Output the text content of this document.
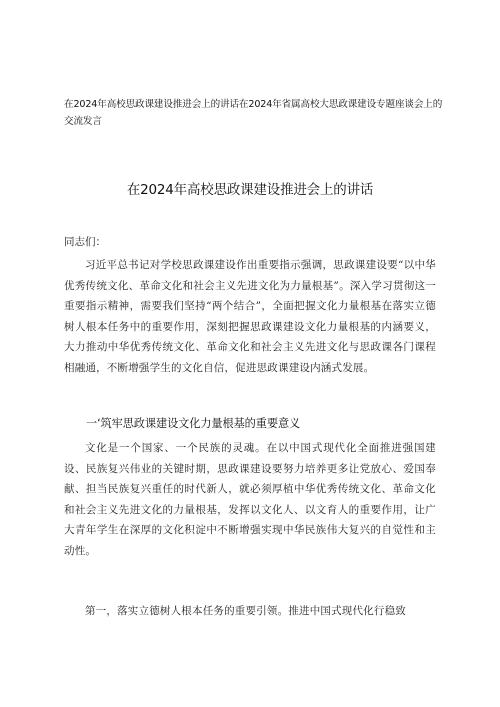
在2024年高校思政课建设推进会上的讲话在2024年省属高校大思政课建设专题座谈会上的交流发言
在2024年高校思政课建设推进会上的讲话
同志们：
习近平总书记对学校思政课建设作出重要指示强调，思政课建设要“以中华优秀传统文化、革命文化和社会主义先进文化为力量根基”。深入学习贯彻这一重要指示精神，需要我们坚持“两个结合”，全面把握文化力量根基在落实立德树人根本任务中的重要作用，深刻把握思政课建设文化力量根基的内涵要义，大力推动中华优秀传统文化、革命文化和社会主义先进文化与思政课各门课程相融通，不断增强学生的文化自信，促进思政课建设内涵式发展。
一‘筑牢思政课建设文化力量根基的重要意义
文化是一个国家、一个民族的灵魂。在以中国式现代化全面推进强国建设、民族复兴伟业的关键时期，思政课建设要努力培养更多让党放心、爱国奉献、担当民族复兴重任的时代新人，就必须厚植中华优秀传统文化、革命文化和社会主义先进文化的力量根基，发挥以文化人、以文育人的重要作用，让广大青年学生在深厚的文化积淀中不断增强实现中华民族伟大复兴的自觉性和主动性。
第一，落实立德树人根本任务的重要引领。推进中国式现代化行稳致
